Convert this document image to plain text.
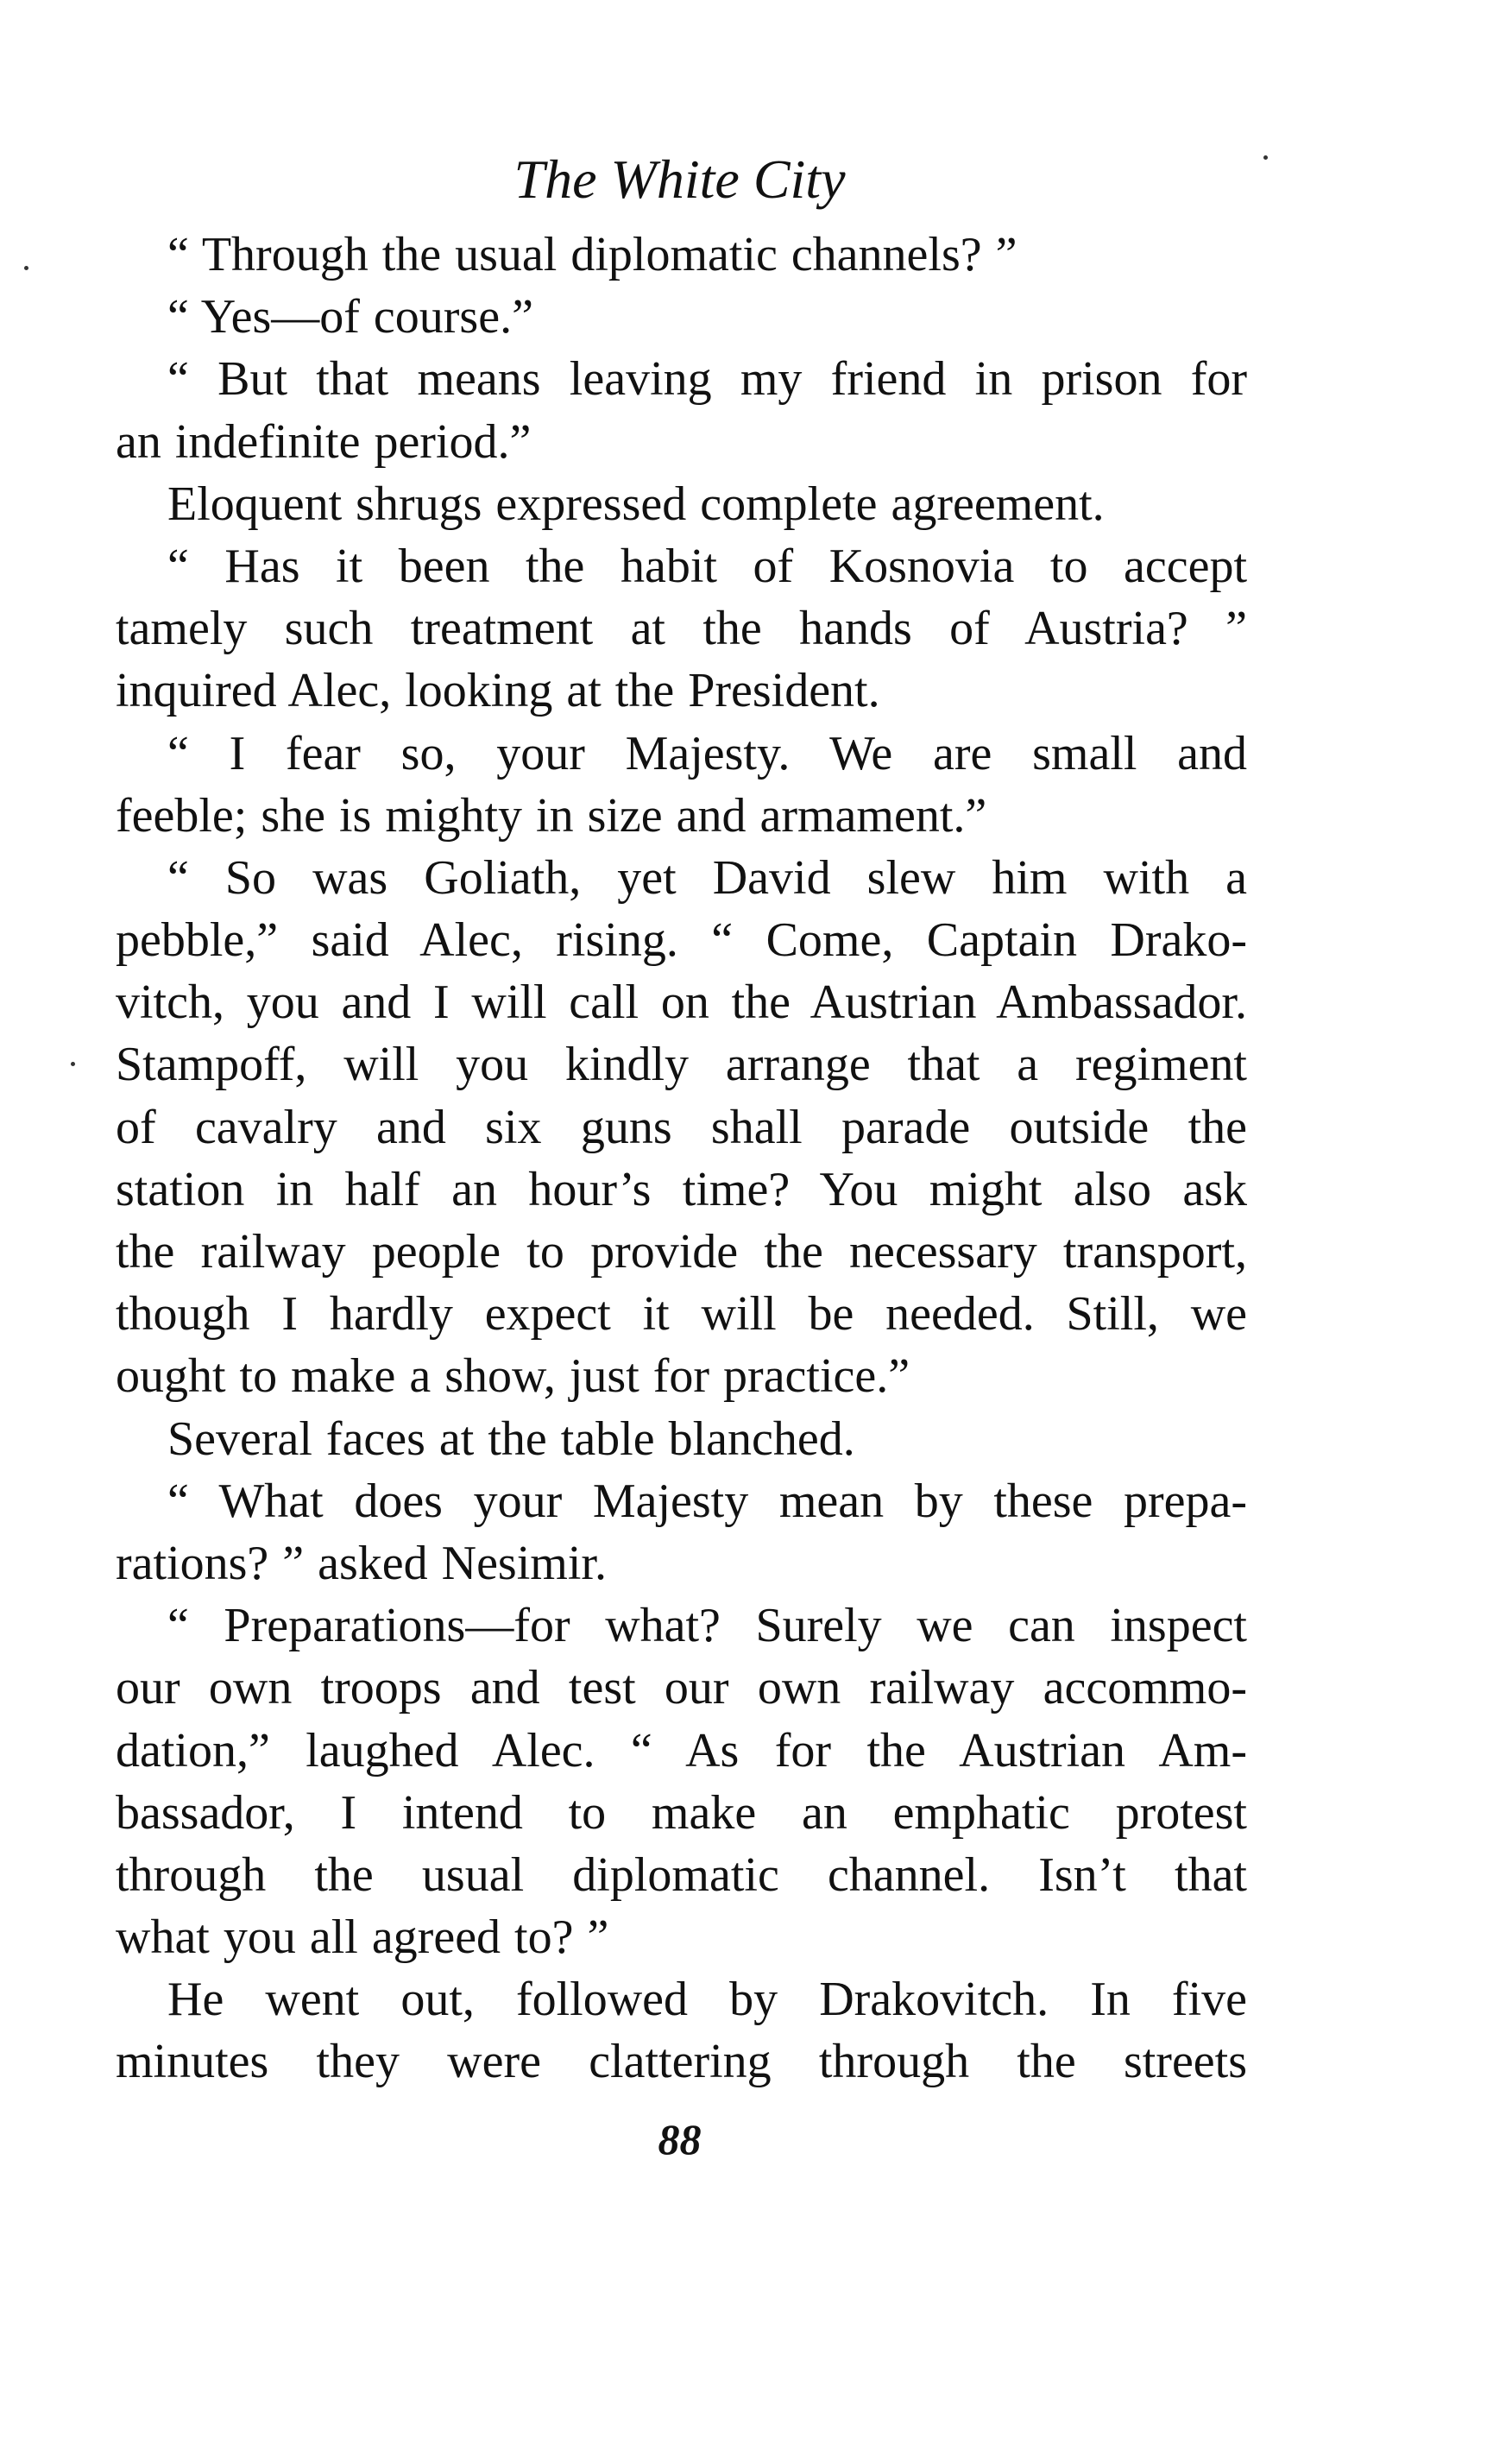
The White City
“ Through the usual diplomatic channels? ”
“ Yes—of course.”
“ But that means leaving my friend in prison for
an indefinite period.”
Eloquent shrugs expressed complete agreement.
“ Has it been the habit of Kosnovia to accept
tamely such treatment at the hands of Austria? ”
inquired Alec, looking at the President.
“ I fear so, your Majesty. We are small and
feeble; she is mighty in size and armament.”
“ So was Goliath, yet David slew him with a
pebble,” said Alec, rising. “ Come, Captain Drako-
vitch, you and I will call on the Austrian Ambassador.
Stampoff, will you kindly arrange that a regiment
of cavalry and six guns shall parade outside the
station in half an hour’s time? You might also ask
the railway people to provide the necessary transport,
though I hardly expect it will be needed. Still, we
ought to make a show, just for practice.”
Several faces at the table blanched.
“ What does your Majesty mean by these prepa-
rations? ” asked Nesimir.
“ Preparations—for what? Surely we can inspect
our own troops and test our own railway accommo-
dation,” laughed Alec. “ As for the Austrian Am-
bassador, I intend to make an emphatic protest
through the usual diplomatic channel. Isn’t that
what you all agreed to? ”
He went out, followed by Drakovitch. In five
minutes they were clattering through the streets
88
